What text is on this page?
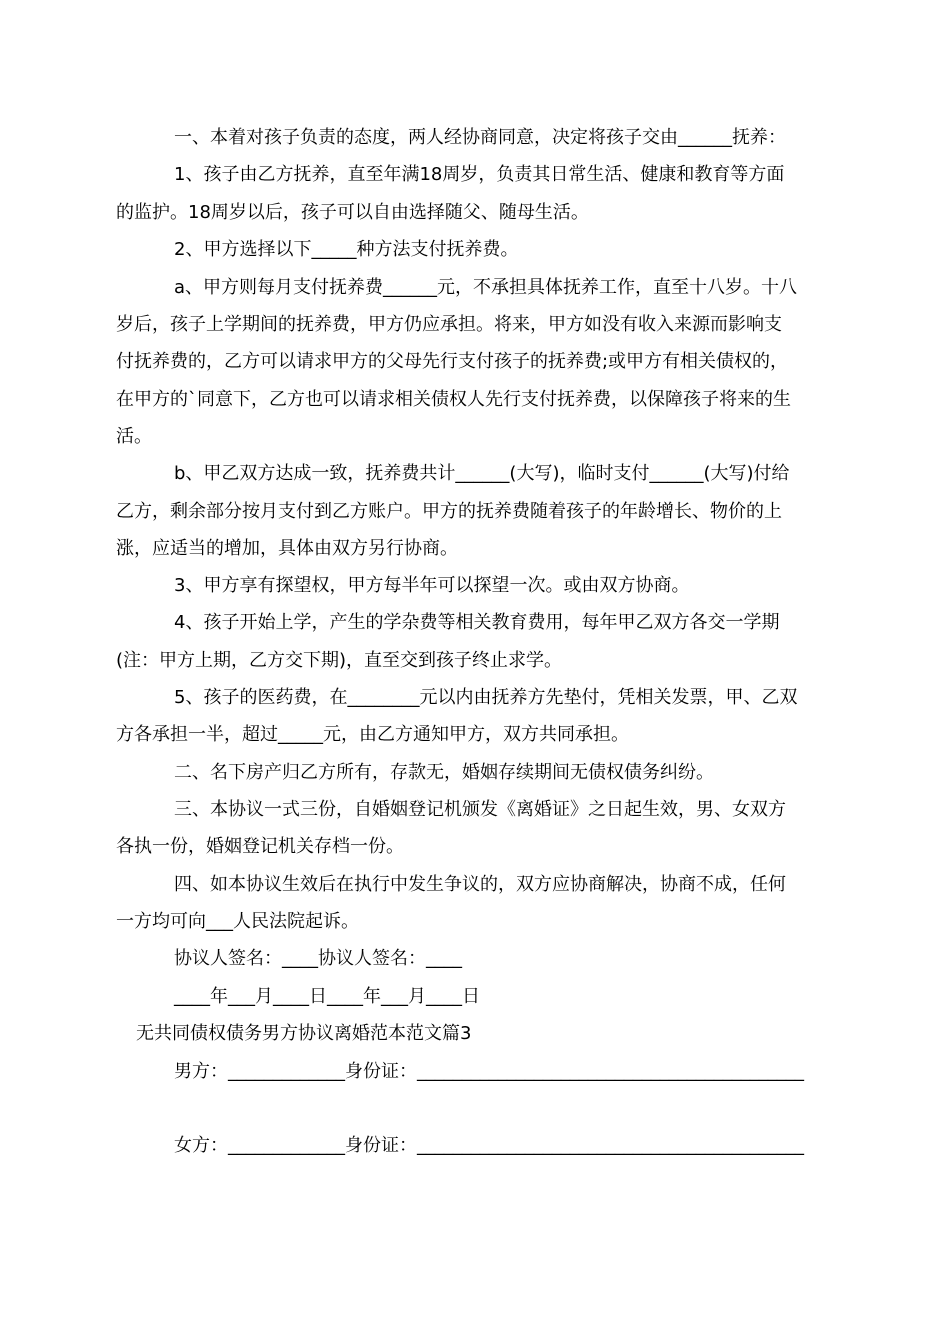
一、本着对孩子负责的态度，两人经协商同意，决定将孩子交由______抚养：
1、孩子由乙方抚养，直至年满18周岁，负责其日常生活、健康和教育等方面
的监护。18周岁以后，孩子可以自由选择随父、随母生活。
2、甲方选择以下_____种方法支付抚养费。
a、甲方则每月支付抚养费______元，不承担具体抚养工作，直至十八岁。十八
岁后，孩子上学期间的抚养费，甲方仍应承担。将来，甲方如没有收入来源而影响支
付抚养费的，乙方可以请求甲方的父母先行支付孩子的抚养费;或甲方有相关债权的，
在甲方的`同意下，乙方也可以请求相关债权人先行支付抚养费，以保障孩子将来的生
活。
b、甲乙双方达成一致，抚养费共计______(大写)，临时支付______(大写)付给
乙方，剩余部分按月支付到乙方账户。甲方的抚养费随着孩子的年龄增长、物价的上
涨，应适当的增加，具体由双方另行协商。
3、甲方享有探望权，甲方每半年可以探望一次。或由双方协商。
4、孩子开始上学，产生的学杂费等相关教育费用，每年甲乙双方各交一学期
(注：甲方上期，乙方交下期)，直至交到孩子终止求学。
5、孩子的医药费，在________元以内由抚养方先垫付，凭相关发票，甲、乙双
方各承担一半，超过_____元，由乙方通知甲方，双方共同承担。
二、名下房产归乙方所有，存款无，婚姻存续期间无债权债务纠纷。
三、本协议一式三份，自婚姻登记机颁发《离婚证》之日起生效，男、女双方
各执一份，婚姻登记机关存档一份。
四、如本协议生效后在执行中发生争议的，双方应协商解决，协商不成，任何
一方均可向___人民法院起诉。
协议人签名：____协议人签名：____
____年___月____日____年___月____日
无共同债权债务男方协议离婚范本范文篇3
男方：_____________身份证：___________________________________________
女方：_____________身份证：___________________________________________
